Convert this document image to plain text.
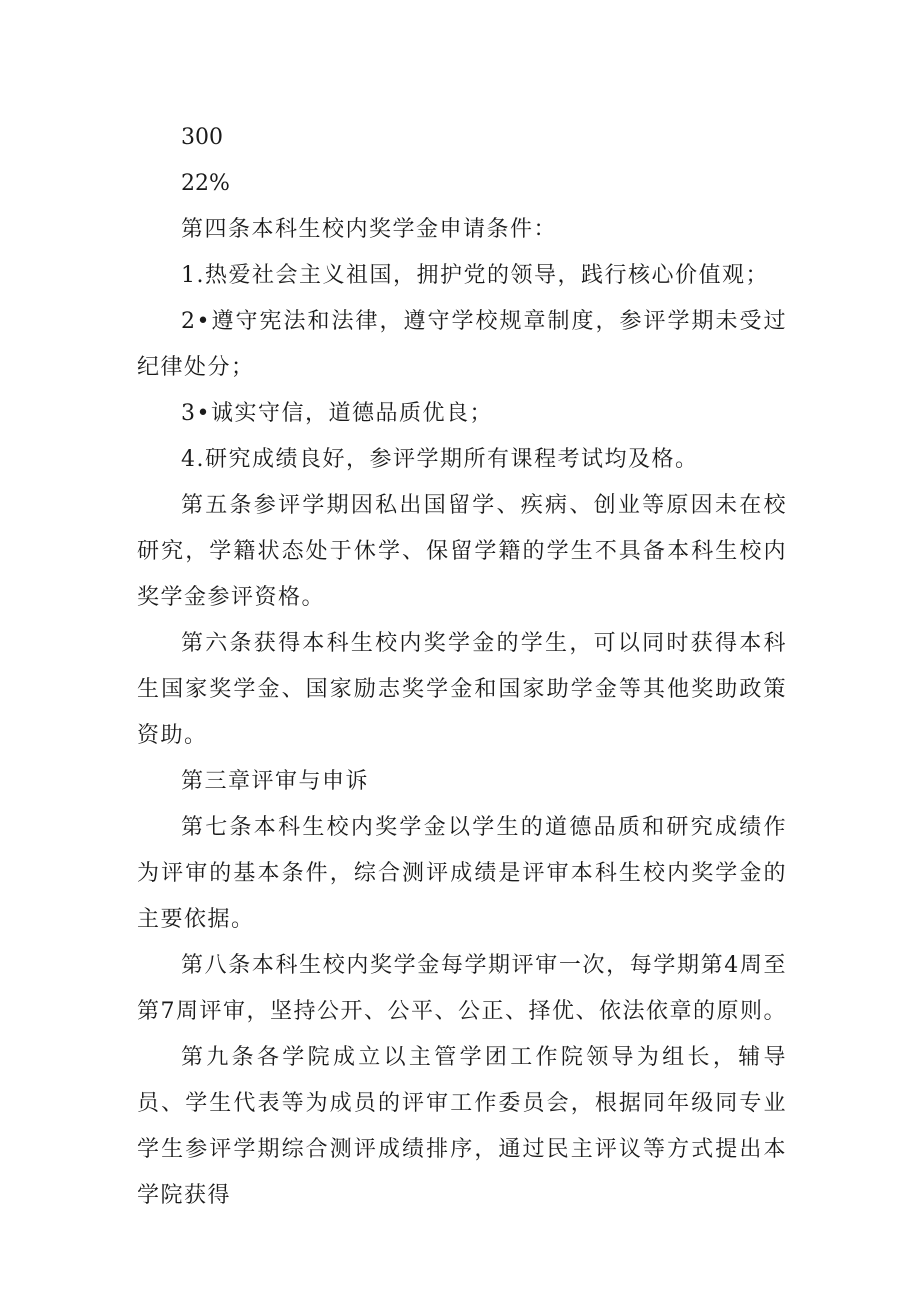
300

22%

第四条本科生校内奖学金申请条件：

1.热爱社会主义祖国，拥护党的领导，践行核心价值观；

2•遵守宪法和法律，遵守学校规章制度，参评学期未受过纪律处分；

3•诚实守信，道德品质优良；

4.研究成绩良好，参评学期所有课程考试均及格。

第五条参评学期因私出国留学、疾病、创业等原因未在校研究，学籍状态处于休学、保留学籍的学生不具备本科生校内奖学金参评资格。

第六条获得本科生校内奖学金的学生，可以同时获得本科生国家奖学金、国家励志奖学金和国家助学金等其他奖助政策资助。

第三章评审与申诉

第七条本科生校内奖学金以学生的道德品质和研究成绩作为评审的基本条件，综合测评成绩是评审本科生校内奖学金的主要依据。

第八条本科生校内奖学金每学期评审一次，每学期第4周至第7周评审，坚持公开、公平、公正、择优、依法依章的原则。

第九条各学院成立以主管学团工作院领导为组长，辅导员、学生代表等为成员的评审工作委员会，根据同年级同专业学生参评学期综合测评成绩排序，通过民主评议等方式提出本学院获得
